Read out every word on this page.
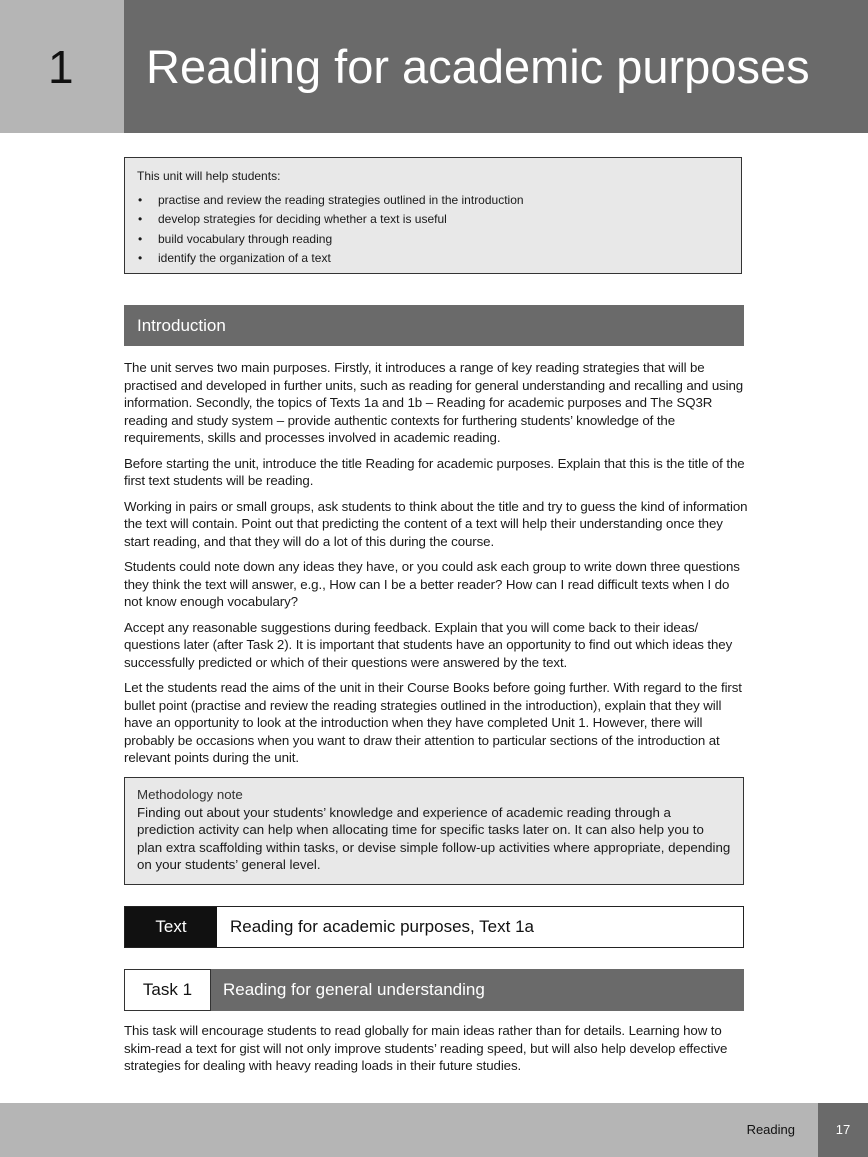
1 Reading for academic purposes
This unit will help students:
• practise and review the reading strategies outlined in the introduction
• develop strategies for deciding whether a text is useful
• build vocabulary through reading
• identify the organization of a text
Introduction

The unit serves two main purposes. Firstly, it introduces a range of key reading strategies that will be practised and developed in further units, such as reading for general understanding and recalling and using information. Secondly, the topics of Texts 1a and 1b – Reading for academic purposes and The SQ3R reading and study system – provide authentic contexts for furthering students’ knowledge of the requirements, skills and processes involved in academic reading.

Before starting the unit, introduce the title Reading for academic purposes. Explain that this is the title of the first text students will be reading.

Working in pairs or small groups, ask students to think about the title and try to guess the kind of information the text will contain. Point out that predicting the content of a text will help their understanding once they start reading, and that they will do a lot of this during the course.

Students could note down any ideas they have, or you could ask each group to write down three questions they think the text will answer, e.g., How can I be a better reader? How can I read difficult texts when I do not know enough vocabulary?

Accept any reasonable suggestions during feedback. Explain that you will come back to their ideas/ questions later (after Task 2). It is important that students have an opportunity to find out which ideas they successfully predicted or which of their questions were answered by the text.

Let the students read the aims of the unit in their Course Books before going further. With regard to the first bullet point (practise and review the reading strategies outlined in the introduction), explain that they will have an opportunity to look at the introduction when they have completed Unit 1. However, there will probably be occasions when you want to draw their attention to particular sections of the introduction at relevant points during the unit.

Methodology note
Finding out about your students’ knowledge and experience of academic reading through a prediction activity can help when allocating time for specific tasks later on. It can also help you to plan extra scaffolding within tasks, or devise simple follow-up activities where appropriate, depending on your students’ general level.
Text	Reading for academic purposes, Text 1a
Task 1	Reading for general understanding

This task will encourage students to read globally for main ideas rather than for details. Learning how to skim-read a text for gist will not only improve students’ reading speed, but will also help develop effective strategies for dealing with heavy reading loads in their future studies.

Reading	17
